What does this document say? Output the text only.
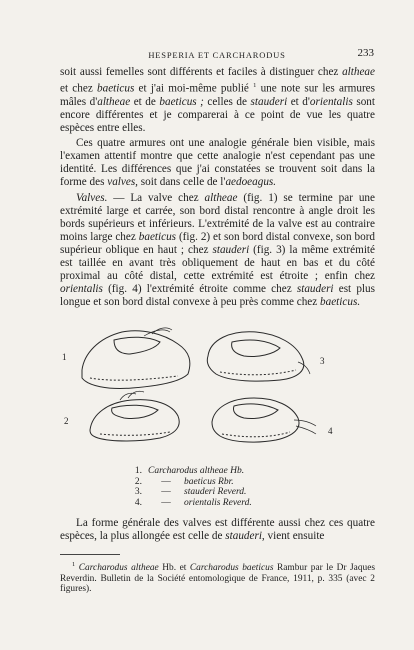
HESPERIA ET CARCHARODUS	233

soit aussi femelles sont différents et faciles à distinguer chez altheae et chez baeticus et j'ai moi-même publié $^1$ une note sur les armures mâles d'altheae et de baeticus ; celles de stauderi et d'orientalis sont encore différentes et je comparerai à ce point de vue les quatre espèces entre elles.

Ces quatre armures ont une analogie générale bien visible, mais l'examen attentif montre que cette analogie n'est cependant pas une identité. Les différences que j'ai constatées se trouvent soit dans la forme des valves, soit dans celle de l'aedoeagus.

Valves. — La valve chez altheae (fig. 1) se termine par une extrémité large et carrée, son bord distal rencontre à angle droit les bords supérieurs et inférieurs. L'extrémité de la valve est au contraire moins large chez baeticus (fig. 2) et son bord distal convexe, son bord supérieur oblique en haut ; chez stauderi (fig. 3) la même extrémité est taillée en avant très obliquement de haut en bas et du côté proximal au côté distal, cette extrémité est étroite ; enfin chez orientalis (fig. 4) l'extrémité étroite comme chez stauderi est plus longue et son bord distal convexe à peu près comme chez baeticus.

1
2
3
4
1. Carcharodus altheae Hb.
2.	—	baeticus Rbr.
3.	—	stauderi Reverd.
4.	—	orientalis Reverd.

La forme générale des valves est différente aussi chez ces quatre espèces, la plus allongée est celle de stauderi, vient ensuite

$^1$ Carcharodus altheae Hb. et Carcharodus baeticus Rambur par le Dr Jaques Reverdin. Bulletin de la Société entomologique de France, 1911, p. 335 (avec 2 figures).
